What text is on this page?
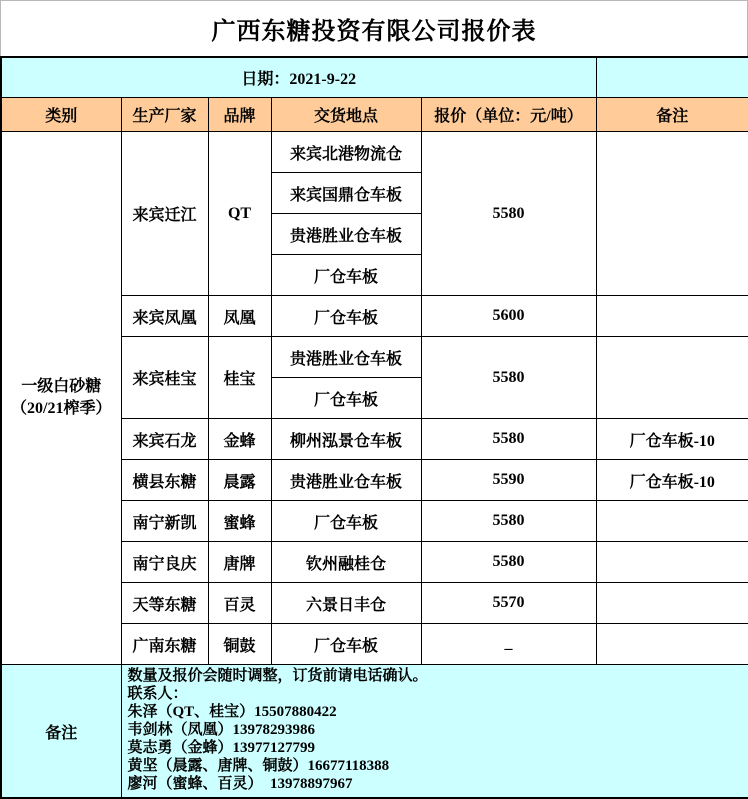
广西东糖投资有限公司报价表
日期：2021-9-22					
类别	生产厂家	品牌	交货地点	报价（单位：元/吨）	备注

一级白砂糖
（20/21榨季）	来宾迁江	QT	来宾北港物流仓	5580	
			来宾国鼎仓车板		
			贵港胜业仓车板		
			厂仓车板		
	来宾凤凰	凤凰	厂仓车板	5600	
	来宾桂宝	桂宝	贵港胜业仓车板	5580	
			厂仓车板		
	来宾石龙	金蜂	柳州泓景仓车板	5580	厂仓车板-10
	横县东糖	晨露	贵港胜业仓车板	5590	厂仓车板-10
	南宁新凯	蜜蜂	厂仓车板	5580	
	南宁良庆	唐牌	钦州融桂仓	5580	
	天等东糖	百灵	六景日丰仓	5570	
	广南东糖	铜鼓	厂仓车板	_	
备注	
数量及报价会随时调整，订货前请电话确认。
联系人：
朱泽（QT、桂宝）15507880422
韦剑林（凤凰）13978293986
莫志勇（金蜂）13977127799
黄坚（晨露、唐牌、铜鼓）16677118388
廖河（蜜蜂、百灵）  13978897967
